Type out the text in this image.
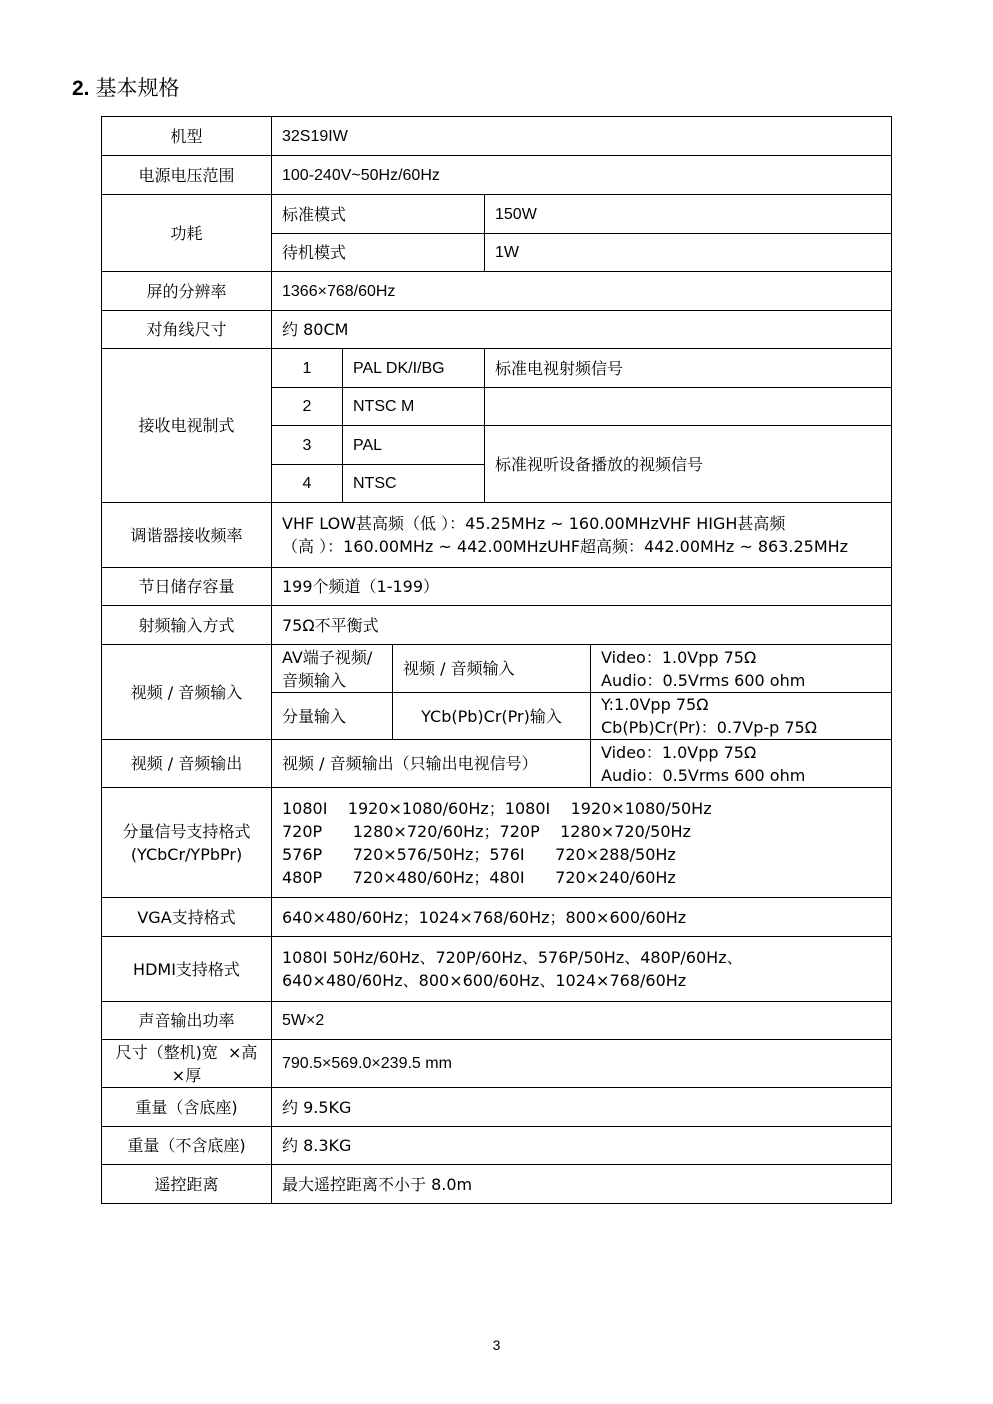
2. 基本规格
机型	32S19IW				
电源电压范围	100-240V~50Hz/60Hz				
功耗	标准模式			150W	
	待机模式			1W	
屏的分辨率	1366×768/60Hz				
对角线尺寸	约 80CM				
接收电视制式	1	PAL DK/I/BG		标准电视射频信号	
	2	NTSC M			
	3	PAL		标准视听设备播放的视频信号	
	4	NTSC			
调谐器接收频率	VHF LOW甚高频（低 ）：45.25MHz ~ 160.00MHzVHF HIGH甚高频
（高 ）：160.00MHz ~ 442.00MHzUHF超高频：442.00MHz ~ 863.25MHz				

节日储存容量	199个频道（1-199）				
射频输入方式	75Ω不平衡式				
视频 / 音频输入	AV端子视频/
音频输入		视频 / 音频输入		Video：1.0Vpp 75Ω
Audio：0.5Vrms 600 ohm

	分量输入		YCb(Pb)Cr(Pr)输入		Y:1.0Vpp 75Ω
Cb(Pb)Cr(Pr)：0.7Vp-p 75Ω

视频 / 音频输出	视频 / 音频输出（只输出电视信号）				Video：1.0Vpp 75Ω
Audio：0.5Vrms 600 ohm

分量信号支持格式
(YCbCr/YPbPr)	1080I    1920×1080/60Hz；1080I    1920×1080/50Hz
720P      1280×720/60Hz；720P    1280×720/50Hz
576P      720×576/50Hz；576I      720×288/50Hz
480P      720×480/60Hz；480I      720×240/60Hz				

VGA支持格式	640×480/60Hz；1024×768/60Hz；800×600/60Hz				
HDMI支持格式	1080I 50Hz/60Hz、720P/60Hz、576P/50Hz、480P/60Hz、
640×480/60Hz、800×600/60Hz、1024×768/60Hz				

声音输出功率	5W×2				

尺寸（整机)宽  ×高
×厚	790.5×569.0×239.5 mm				
重量（含底座)	约 9.5KG				
重量（不含底座)	约 8.3KG				
遥控距离	最大遥控距离不小于 8.0m				
3
